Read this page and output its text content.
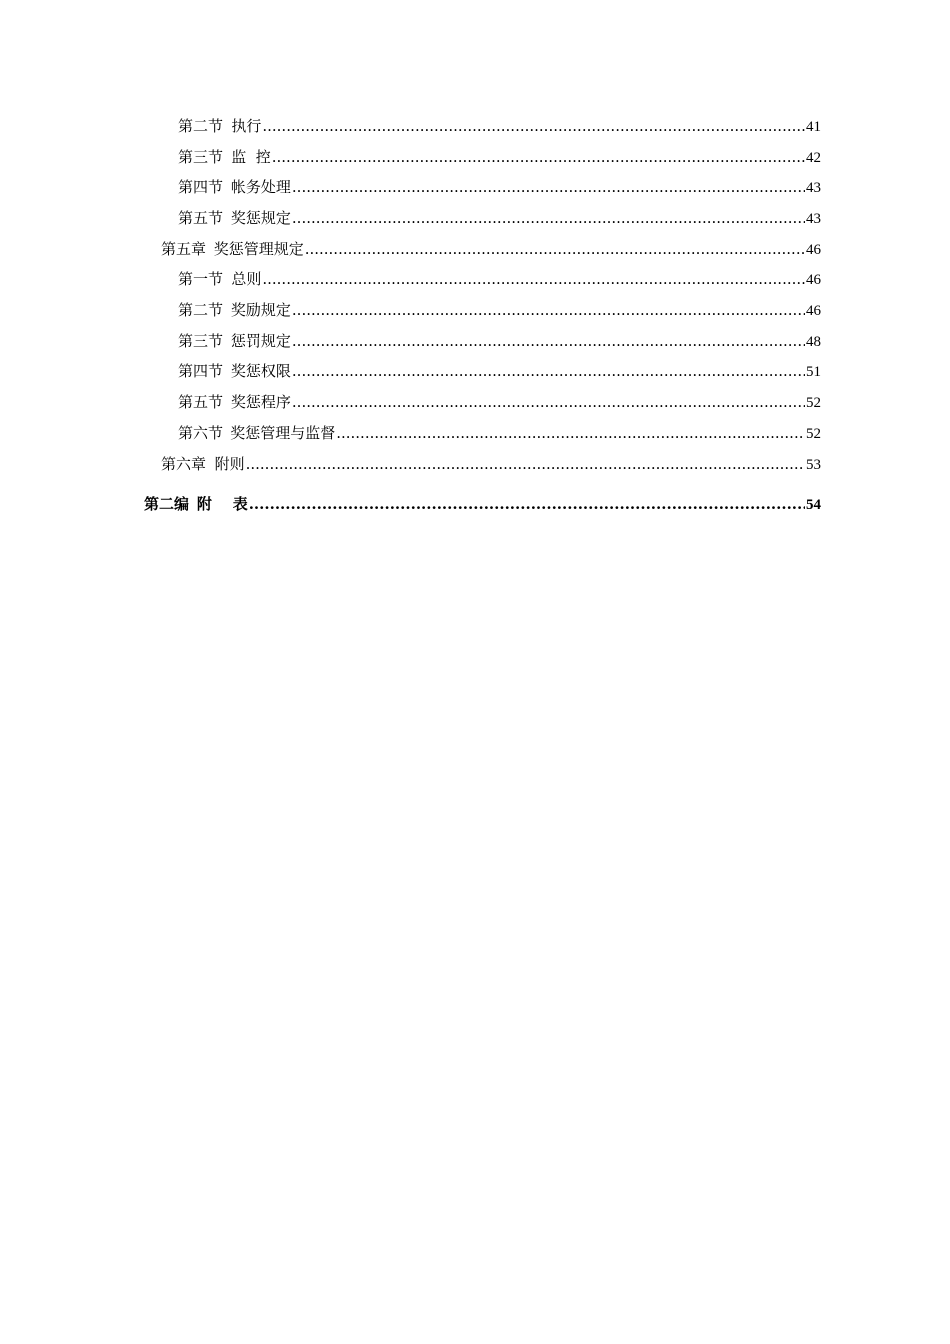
第二节 执行 .....	41
第三节 监  控 .....	42
第四节 帐务处理 .....	43
第五节 奖惩规定 .....	43
第五章 奖惩管理规定 .....	46
第一节 总则 .....	46
第二节 奖励规定 .....	46
第三节 惩罚规定 .....	48
第四节 奖惩权限 .....	51
第五节 奖惩程序 .....	52
第六节 奖惩管理与监督 .....	52
第六章 附则 .....	53
第二编 附    表 .....	54
